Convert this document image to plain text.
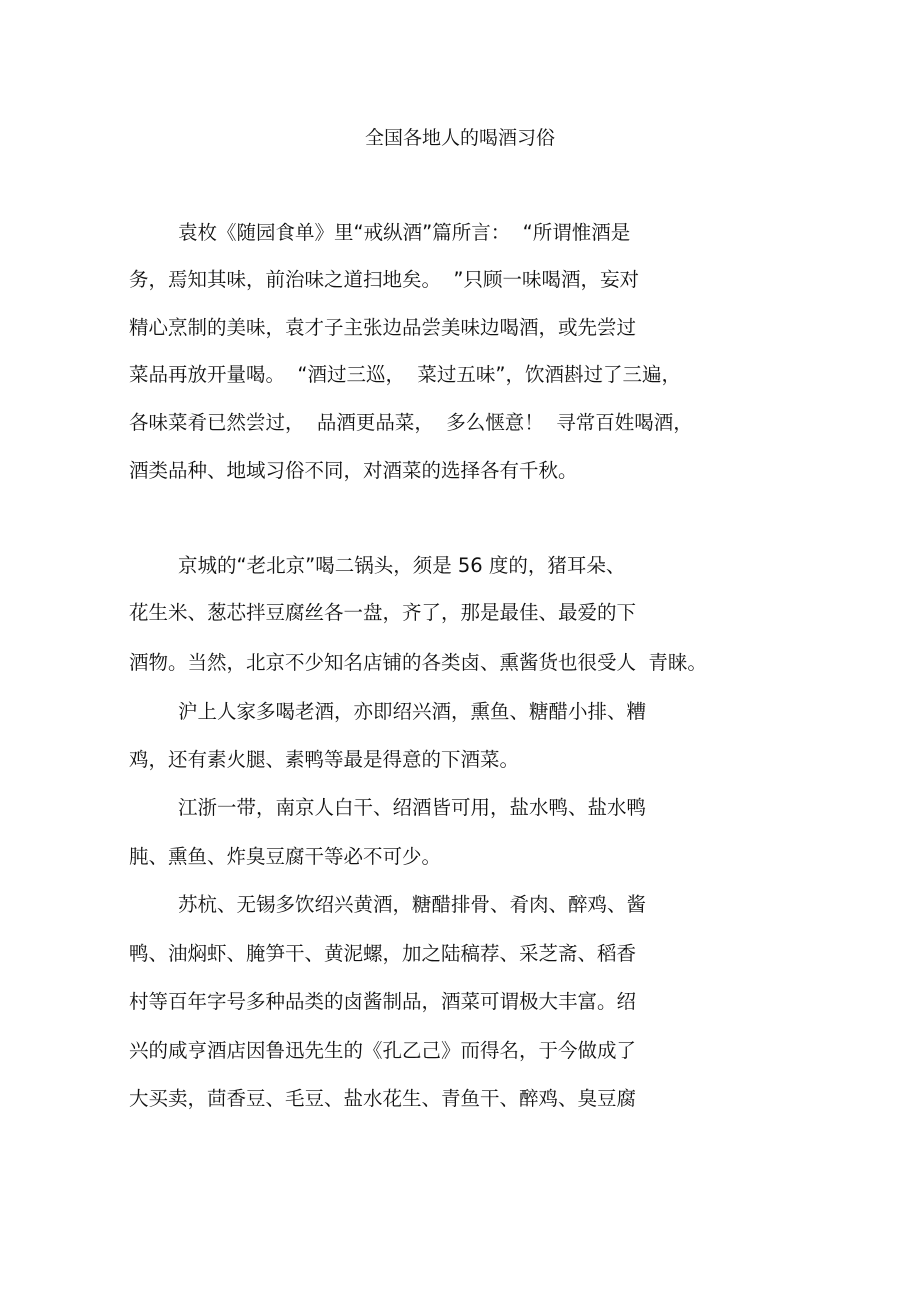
全国各地人的喝酒习俗
袁枚《随园食单》里“戒纵酒”篇所言：  “所谓惟酒是
务，焉知其味，前治味之道扫地矣。  ”只顾一味喝酒，妄对
精心烹制的美味，袁才子主张边品尝美味边喝酒，或先尝过
菜品再放开量喝。  “酒过三巡，  菜过五味”，饮酒斟过了三遍，
各味菜肴已然尝过，  品酒更品菜，  多么惬意！  寻常百姓喝酒，
酒类品种、地域习俗不同，对酒菜的选择各有千秋。
京城的“老北京”喝二锅头，须是 56 度的，猪耳朵、
花生米、葱芯拌豆腐丝各一盘，齐了，那是最佳、最爱的下
酒物。当然，北京不少知名店铺的各类卤、熏酱货也很受人  青睐。
沪上人家多喝老酒，亦即绍兴酒，熏鱼、糖醋小排、糟
鸡，还有素火腿、素鸭等最是得意的下酒菜。
江浙一带，南京人白干、绍酒皆可用，盐水鸭、盐水鸭
肫、熏鱼、炸臭豆腐干等必不可少。
苏杭、无锡多饮绍兴黄酒，糖醋排骨、肴肉、醉鸡、酱
鸭、油焖虾、腌笋干、黄泥螺，加之陆稿荐、采芝斋、稻香
村等百年字号多种品类的卤酱制品，酒菜可谓极大丰富。绍
兴的咸亨酒店因鲁迅先生的《孔乙己》而得名，于今做成了
大买卖，茴香豆、毛豆、盐水花生、青鱼干、醉鸡、臭豆腐
